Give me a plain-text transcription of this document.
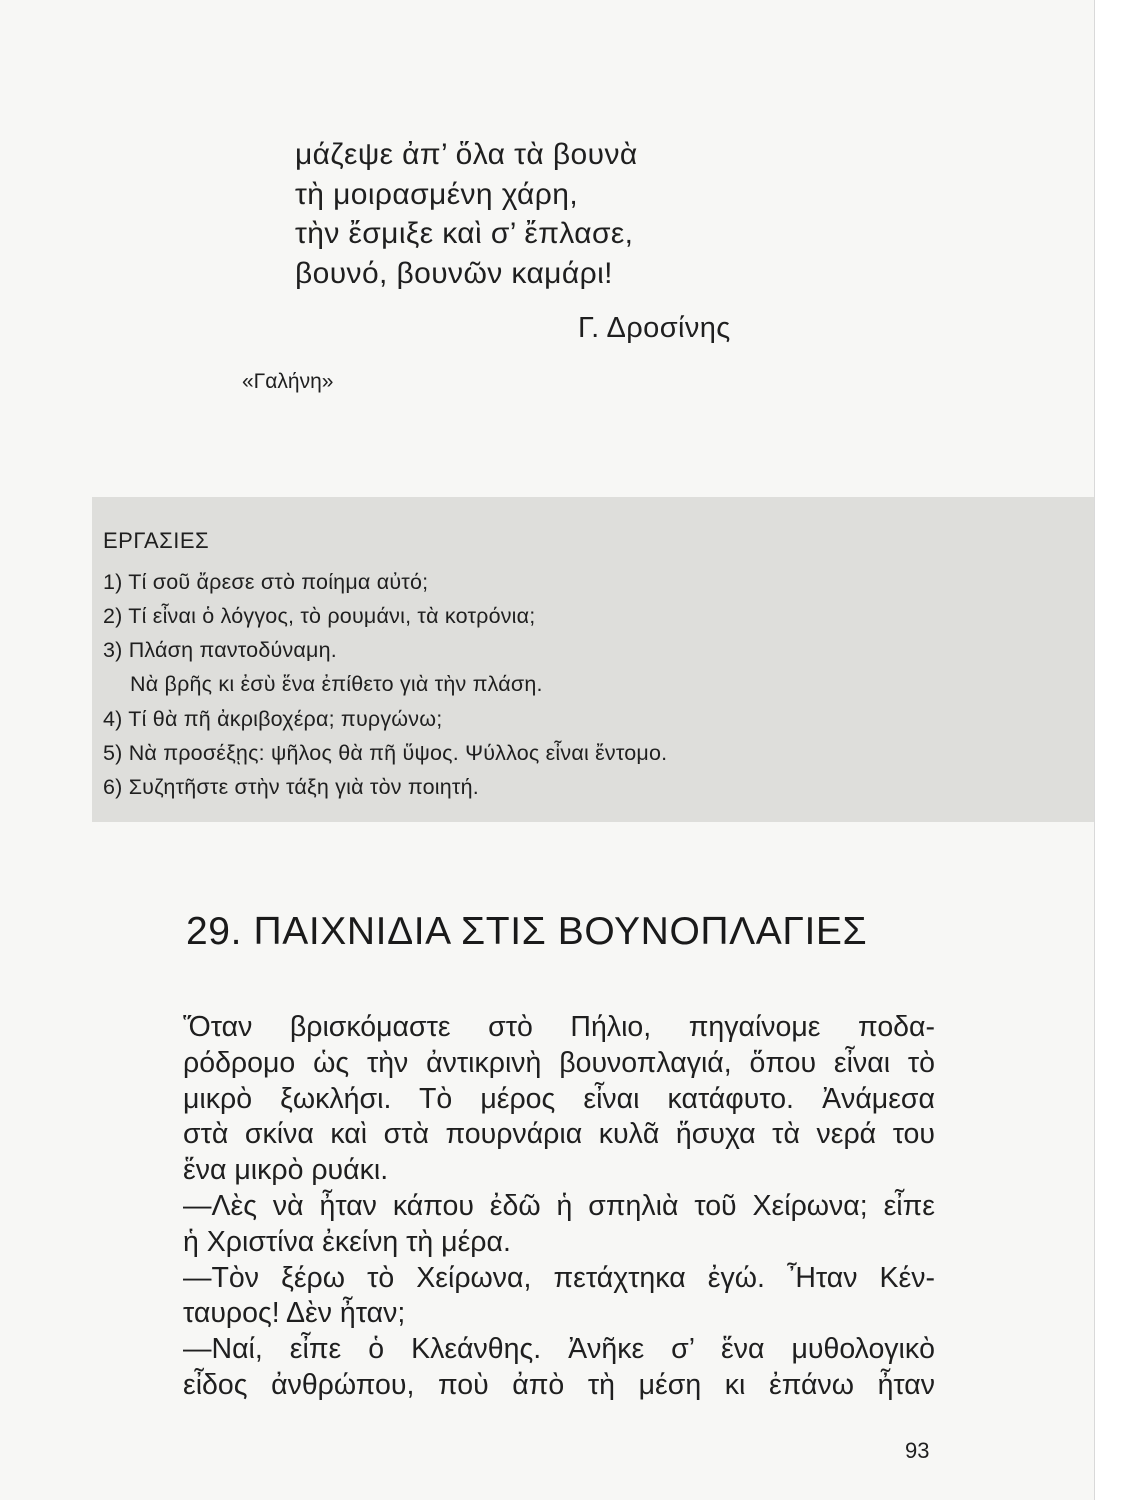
μάζεψε ἀπ’ ὅλα τὰ βουνὰ
τὴ μοιρασμένη χάρη,
τὴν ἔσμιξε καὶ σ’ ἔπλασε,
βουνό, βουνῶν καμάρι!
Γ. Δροσίνης
«Γαλήνη»
ΕΡΓΑΣΙΕΣ
1) Τί σοῦ ἄρεσε στὸ ποίημα αὐτό;
2) Τί εἶναι ὁ λόγγος, τὸ ρουμάνι, τὰ κοτρόνια;
3) Πλάση παντοδύναμη.
Νὰ βρῆς κι ἐσὺ ἕνα ἐπίθετο γιὰ τὴν πλάση.
4) Τί θὰ πῆ ἀκριβοχέρα; πυργώνω;
5) Νὰ προσέξῃς: ψῆλος θὰ πῆ ὕψος. Ψύλλος εἶναι ἔντομο.
6) Συζητῆστε στὴν τάξη γιὰ τὸν ποιητή.
29. ΠΑΙΧΝΙΔΙΑ ΣΤΙΣ ΒΟΥΝΟΠΛΑΓΙΕΣ
Ὅταν βρισκόμαστε στὸ Πήλιο, πηγαίνομε ποδα-
ρόδρομο ὡς τὴν ἀντικρινὴ βουνοπλαγιά, ὅπου εἶναι τὸ
μικρὸ ξωκλήσι. Τὸ μέρος εἶναι κατάφυτο. Ἀνάμεσα
στὰ σκίνα καὶ στὰ πουρνάρια κυλᾶ ἥσυχα τὰ νερά του
ἕνα μικρὸ ρυάκι.
—Λὲς νὰ ἦταν κάπου ἐδῶ ἡ σπηλιὰ τοῦ Χείρωνα; εἶπε
ἡ Χριστίνα ἐκείνη τὴ μέρα.
—Τὸν ξέρω τὸ Χείρωνα, πετάχτηκα ἐγώ. Ἦταν Κέν-
ταυρος! Δὲν ἦταν;
—Ναί, εἶπε ὁ Κλεάνθης. Ἀνῆκε σ’ ἕνα μυθολογικὸ
εἶδος ἀνθρώπου, ποὺ ἀπὸ τὴ μέση κι ἐπάνω ἦταν
93
